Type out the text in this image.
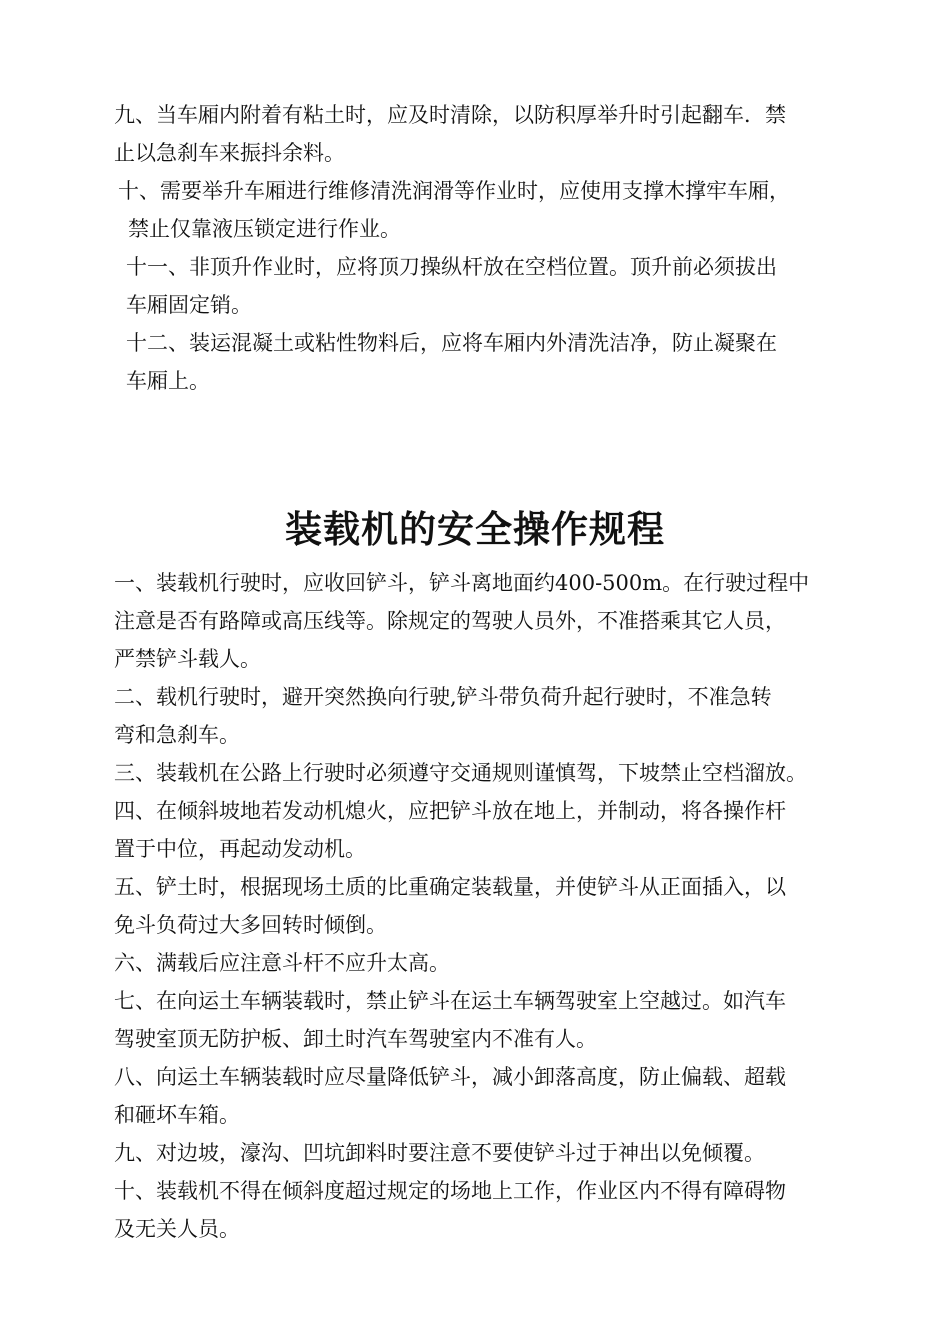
九、当车厢内附着有粘土时，应及时清除，以防积厚举升时引起翻车．禁
止以急刹车来振抖余料。

十、需要举升车厢进行维修清洗润滑等作业时，应使用支撑木撑牢车厢，
禁止仅靠液压锁定进行作业。

十一、非顶升作业时，应将顶刀操纵杆放在空档位置。顶升前必须拔出
车厢固定销。

十二、装运混凝土或粘性物料后，应将车厢内外清洗洁净，防止凝聚在
车厢上。

装载机的安全操作规程

一、装载机行驶时，应收回铲斗，铲斗离地面约400-500m。在行驶过程中
注意是否有路障或高压线等。除规定的驾驶人员外，不准搭乘其它人员，
严禁铲斗载人。

二、载机行驶时，避开突然换向行驶,铲斗带负荷升起行驶时，不准急转
弯和急刹车。

三、装载机在公路上行驶时必须遵守交通规则谨慎驾，下坡禁止空档溜放。

四、在倾斜坡地若发动机熄火，应把铲斗放在地上，并制动，将各操作杆
置于中位，再起动发动机。

五、铲土时，根据现场土质的比重确定装载量，并使铲斗从正面插入，以
免斗负荷过大多回转时倾倒。

六、满载后应注意斗杆不应升太高。

七、在向运土车辆装载时，禁止铲斗在运土车辆驾驶室上空越过。如汽车
驾驶室顶无防护板、卸土时汽车驾驶室内不准有人。

八、向运土车辆装载时应尽量降低铲斗，减小卸落高度，防止偏载、超载
和砸坏车箱。

九、对边坡，濠沟、凹坑卸料时要注意不要使铲斗过于神出以免倾覆。

十、装载机不得在倾斜度超过规定的场地上工作，作业区内不得有障碍物
及无关人员。
